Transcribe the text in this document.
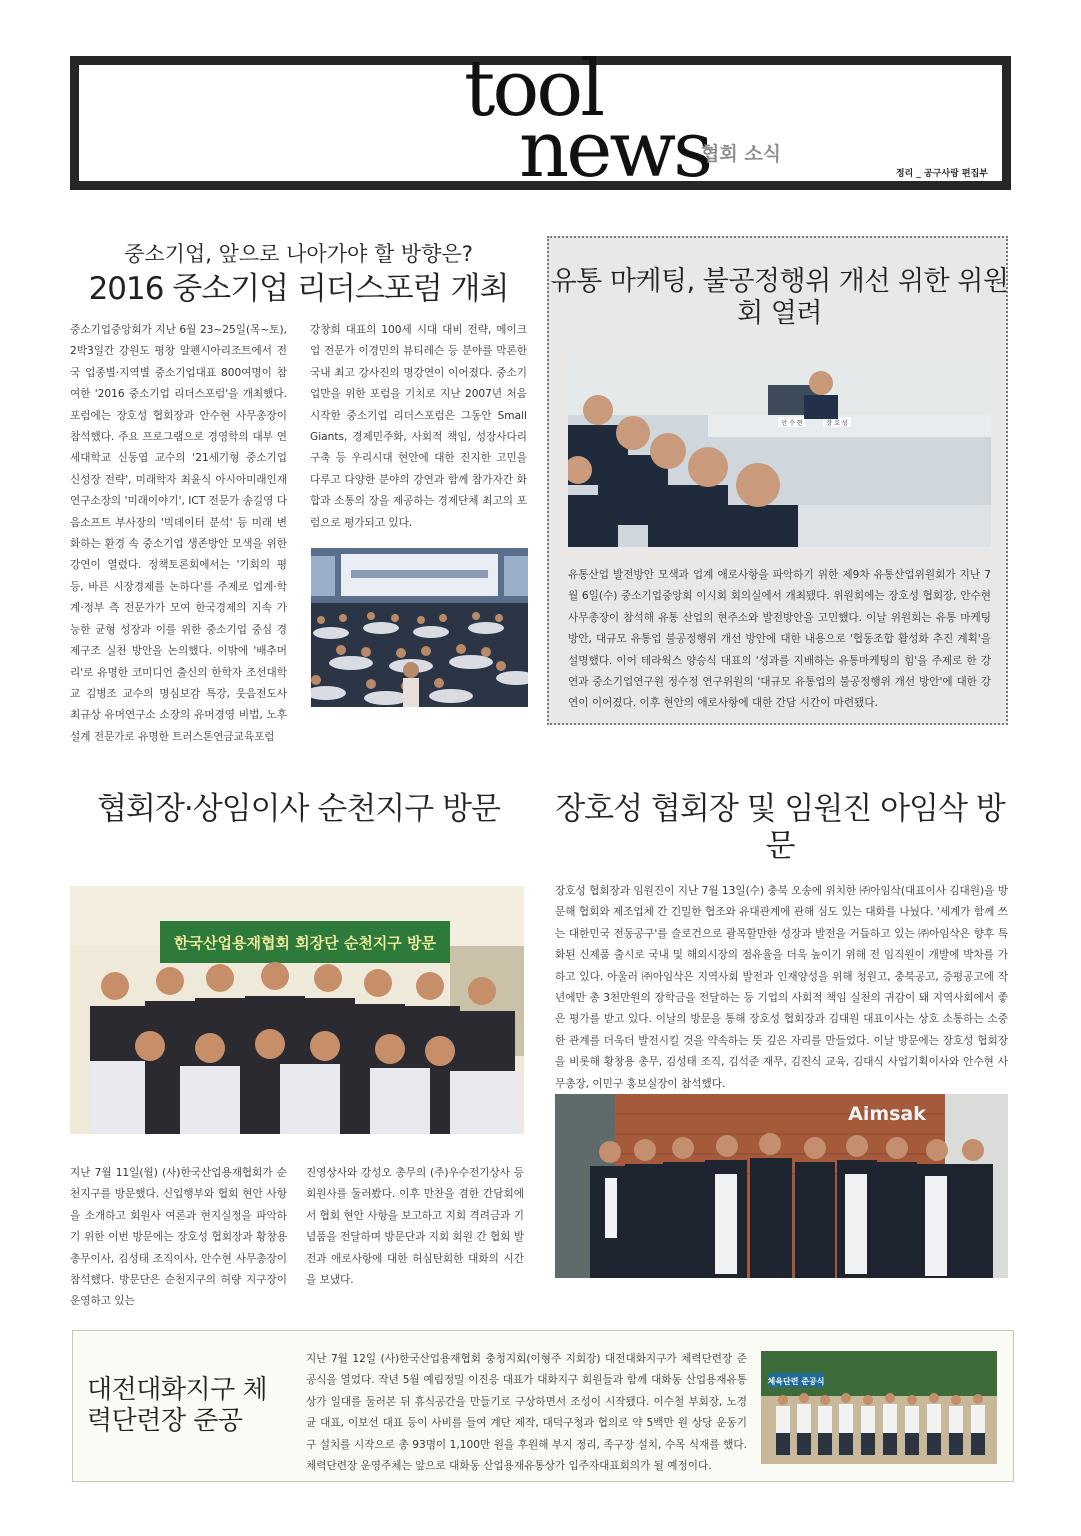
tool
news
협회 소식
정리 _ 공구사랑 편집부
중소기업, 앞으로 나아가야 할 방향은?
2016 중소기업 리더스포럼 개최
중소기업중앙회가 지난 6월 23~25일(목~토), 2박3일간 강원도 평창 알펜시아리조트에서 전국 업종별·지역별 중소기업대표 800여명이 참여한 '2016 중소기업 리더스포럼'을 개최했다. 포럼에는 장호성 협회장과 안수현 사무총장이 참석했다. 주요 프로그램으로 경영학의 대부 연세대학교 신동엽 교수의 '21세기형 중소기업 신성장 전략', 미래학자 최윤식 아시아미래인재연구소장의 '미래이야기', ICT 전문가 송길영 다음소프트 부사장의 '빅데이터 분석' 등 미래 변화하는 환경 속 중소기업 생존방안 모색을 위한 강연이 열렸다. 정책토론회에서는 '기회의 평등, 바른 시장경제를 논하다'를 주제로 업계·학계·정부 측 전문가가 모여 한국경제의 지속 가능한 균형 성장과 이를 위한 중소기업 중심 경제구조 실천 방안을 논의했다. 이밖에 '배추머리'로 유명한 코미디언 출신의 한학자 조선대학교 김병조 교수의 명심보감 특강, 웃음전도사 최규상 유머연구소 소장의 유머경영 비법, 노후설계 전문가로 유명한 트러스톤연금교육포럼
강창희 대표의 100세 시대 대비 전략, 메이크업 전문가 이경민의 뷰티레슨 등 분야를 막론한 국내 최고 강사진의 명강연이 이어졌다. 중소기업만을 위한 포럼을 기치로 지난 2007년 처음 시작한 중소기업 리더스포럼은 그동안 Small Giants, 경제민주화, 사회적 책임, 성장사다리 구축 등 우리시대 현안에 대한 진지한 고민을 다루고 다양한 분야의 강연과 함께 참가자간 화합과 소통의 장을 제공하는 경제단체 최고의 포럼으로 평가되고 있다.
유통 마케팅, 불공정행위 개선 위한 위원회 열려
안 수 현	장 호 성
유통산업 발전방안 모색과 업계 애로사항을 파악하기 위한 제9차 유통산업위원회가 지난 7월 6일(수) 중소기업중앙회 이시회 회의실에서 개최됐다. 위원회에는 장호성 협회장, 안수현 사무총장이 참석해 유통 산업의 현주소와 발전방안을 고민했다. 이날 위원회는 유통 마케팅 방안, 대규모 유통업 불공정행위 개선 방안에 대한 내용으로 '협동조합 활성화 추진 계획'을 설명했다. 이어 테라웍스 양승식 대표의 '성과를 지배하는 유통마케팅의 힘'을 주제로 한 강연과 중소기업연구원 정수정 연구위원의 '대규모 유통업의 불공정행위 개선 방안'에 대한 강연이 이어졌다. 이후 현안의 애로사항에 대한 간담 시간이 마련됐다.
협회장·상임이사 순천지구 방문
한국산업용재협회 회장단 순천지구 방문
지난 7월 11일(월) (사)한국산업용재협회가 순천지구를 방문했다. 신입행부와 협회 현안 사항을 소개하고 회원사 여론과 현지실정을 파악하기 위한 이번 방문에는 장호성 협회장과 황창용 총무이사, 김성태 조직이사, 안수현 사무총장이 참석했다. 방문단은 순천지구의 허량 지구장이 운영하고 있는
진영상사와 강성오 총무의 (주)우수전기상사 등 회원사를 둘러봤다. 이후 만찬을 겸한 간담회에서 협회 현안 사항을 보고하고 지회 격려금과 기념품을 전달하며 방문단과 지회 회원 간 협회 발전과 애로사항에 대한 허심탄회한 대화의 시간을 보냈다.
장호성 협회장 및 임원진 아임삭 방문
장호성 협회장과 임원진이 지난 7월 13일(수) 충북 오송에 위치한 ㈜아임삭(대표이사 김대원)을 방문해 협회와 제조업체 간 긴밀한 협조와 유대관계에 관해 심도 있는 대화를 나눴다. '세계가 함께 쓰는 대한민국 전동공구'를 슬로건으로 괄목할만한 성장과 발전을 거듭하고 있는 ㈜아임삭은 향후 특화된 신제품 출시로 국내 및 해외시장의 점유율을 더욱 높이기 위해 전 임직원이 개발에 박차를 가하고 있다. 아울러 ㈜아임삭은 지역사회 발전과 인재양성을 위해 청원고, 충북공고, 증평공고에 작년에만 총 3천만원의 장학금을 전달하는 등 기업의 사회적 책임 실천의 귀감이 돼 지역사회에서 좋은 평가를 받고 있다. 이날의 방문을 통해 장호성 협회장과 김대원 대표이사는 상호 소통하는 소중한 관계를 더욱더 발전시킬 것을 약속하는 뜻 깊은 자리를 만들었다. 이날 방문에는 장호성 협회장을 비롯해 황창용 총무, 김성태 조직, 김석준 재무, 김진식 교육, 김대식 사업기획이사와 안수현 사무총장, 이민구 홍보실장이 참석했다.
Aimsak
대전대화지구 체력단련장 준공
지난 7월 12일 (사)한국산업용재협회 충청지회(이형주 지회장) 대전대화지구가 체력단련장 준공식을 열었다. 작년 5월 예림정밀 이진응 대표가 대화지구 회원들과 함께 대화동 산업용재유통상가 일대를 둘러본 뒤 휴식공간을 만들기로 구상하면서 조성이 시작됐다. 이수철 부회장, 노경균 대표, 이보선 대표 등이 사비를 들여 계단 제작, 대덕구청과 협의로 약 5백만 원 상당 운동기구 설치를 시작으로 총 93명이 1,100만 원을 후원해 부지 정리, 족구장 설치, 수목 식재를 했다. 체력단련장 운영주체는 앞으로 대화동 산업용재유통상가 입주자대표회의가 될 예정이다.
체육단련 준공식
